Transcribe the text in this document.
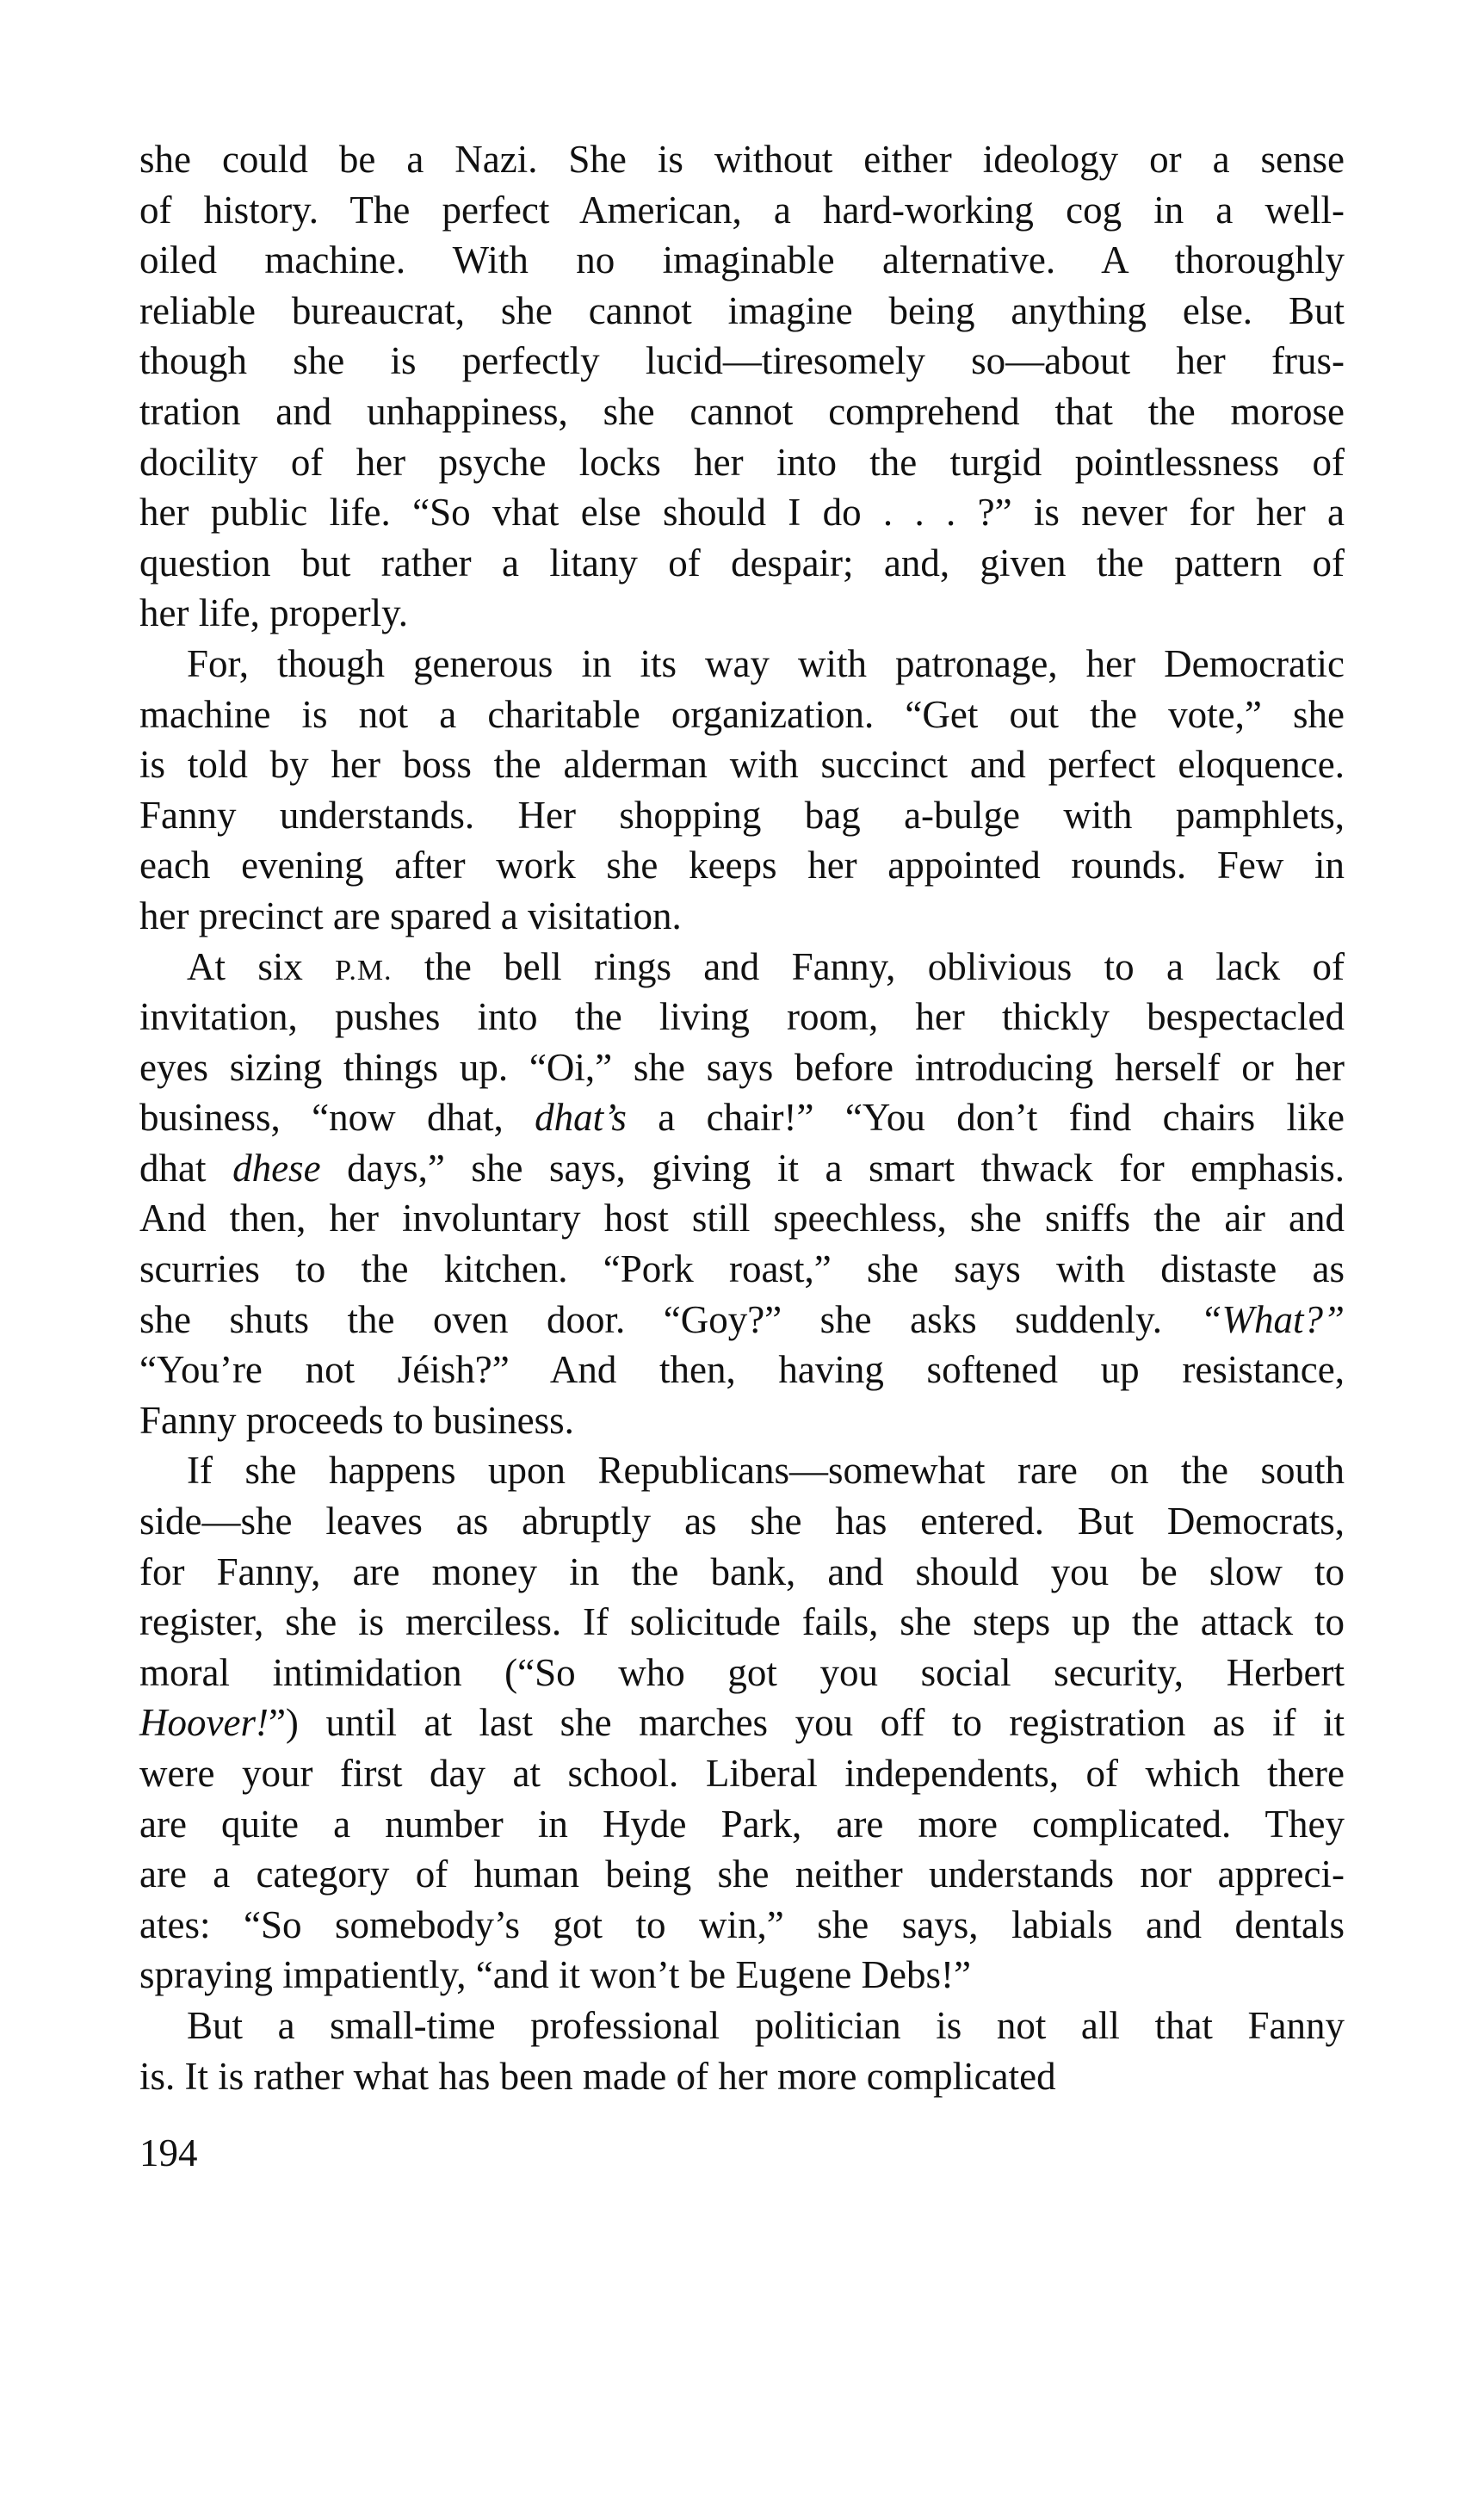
she could be a Nazi. She is without either ideology or a sense
of history. The perfect American, a hard-working cog in a well-
oiled machine. With no imaginable alternative. A thoroughly
reliable bureaucrat, she cannot imagine being anything else. But
though she is perfectly lucid—tiresomely so—about her frus-
tration and unhappiness, she cannot comprehend that the morose
docility of her psyche locks her into the turgid pointlessness of
her public life. “So vhat else should I do . . . ?” is never for her a
question but rather a litany of despair; and, given the pattern of
her life, properly.
For, though generous in its way with patronage, her Democratic
machine is not a charitable organization. “Get out the vote,” she
is told by her boss the alderman with succinct and perfect eloquence.
Fanny understands. Her shopping bag a-bulge with pamphlets,
each evening after work she keeps her appointed rounds. Few in
her precinct are spared a visitation.
At six P.M. the bell rings and Fanny, oblivious to a lack of
invitation, pushes into the living room, her thickly bespectacled
eyes sizing things up. “Oi,” she says before introducing herself or her
business, “now dhat, dhat’s a chair!” “You don’t find chairs like
dhat dhese days,” she says, giving it a smart thwack for emphasis.
And then, her involuntary host still speechless, she sniffs the air and
scurries to the kitchen. “Pork roast,” she says with distaste as
she shuts the oven door. “Goy?” she asks suddenly. “What?”
“You’re not Jéish?” And then, having softened up resistance,
Fanny proceeds to business.
If she happens upon Republicans—somewhat rare on the south
side—she leaves as abruptly as she has entered. But Democrats,
for Fanny, are money in the bank, and should you be slow to
register, she is merciless. If solicitude fails, she steps up the attack to
moral intimidation (“So who got you social security, Herbert
Hoover!”) until at last she marches you off to registration as if it
were your first day at school. Liberal independents, of which there
are quite a number in Hyde Park, are more complicated. They
are a category of human being she neither understands nor appreci-
ates: “So somebody’s got to win,” she says, labials and dentals
spraying impatiently, “and it won’t be Eugene Debs!”
But a small-time professional politician is not all that Fanny
is. It is rather what has been made of her more complicated
194
